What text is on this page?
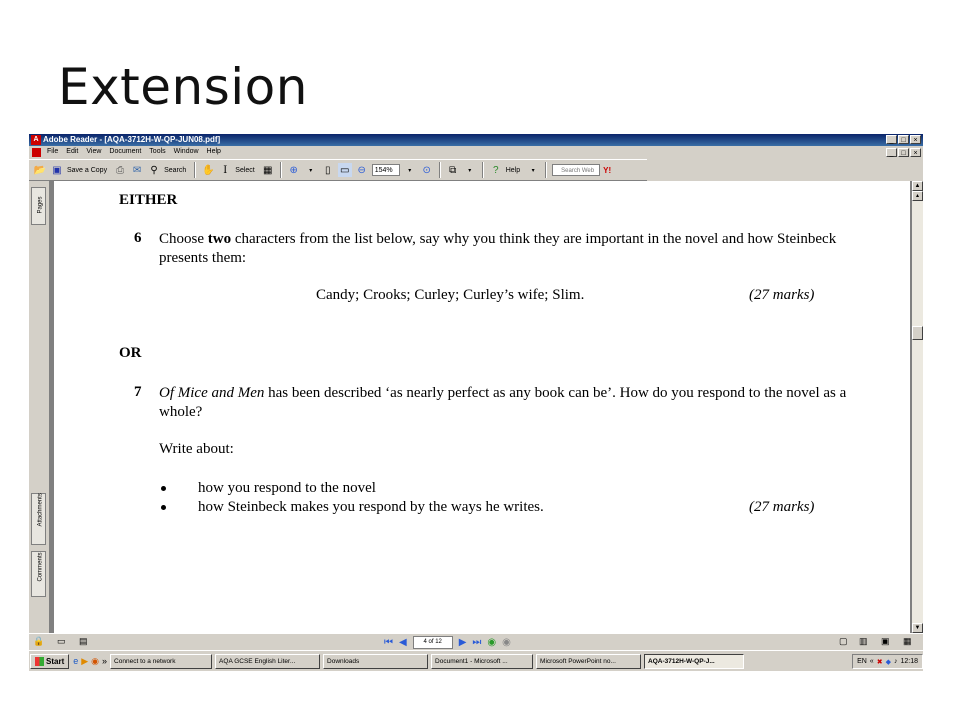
Extension
A Adobe Reader - [AQA-3712H-W-QP-JUN08.pdf]	_	□	×
File Edit View Document Tools Window Help	_	□	×
📂 ▣ Save a Copy ⎙ ✉ ⚲ Search ✋ I	Select ▦ ⊕	▾	▯ ▭ ⊖	154%	▾	⊙	⧉	▾	?	Help	▾	Search Web	Y!
Pages
Attachments
Comments
EITHER
6 Choose two characters from the list below, say why you think they are important in the novel and how Steinbeck presents them:
Candy; Crooks; Curley; Curley’s wife; Slim.	(27 marks)
OR
7 Of Mice and Men has been described ‘as nearly perfect as any book can be’. How do you respond to the novel as a whole?
Write about:
how you respond to the novel
how Steinbeck makes you respond by the ways he writes.	(27 marks)
▲
▴
▼
🔒 ▭ ▤	⏮ ◀	4 of 12	▶ ⏭ ◉ ◉	▢ ▥ ▣ ▦
Start e ▶ ◉ »	Connect to a network	AQA GCSE English Liter...	Downloads	Document1 - Microsoft ...	Microsoft PowerPoint no...	AQA-3712H-W-QP-J...	EN « ✖ ◆ ♪ 12:18
